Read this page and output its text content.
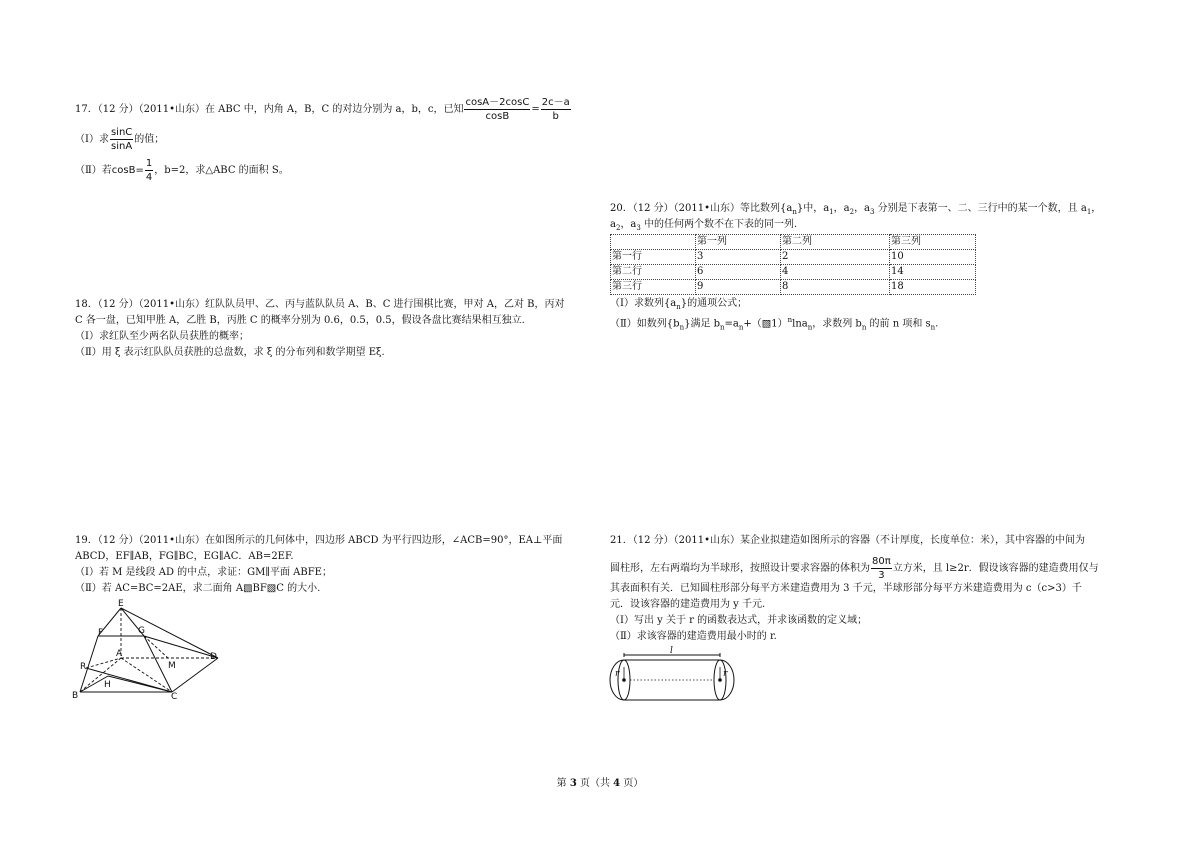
17．（12 分）（2011•山东）在 ABC 中，内角 A，B，C 的对边分别为 a，b，c，已知 $\frac{\cos A-2\cos C}{\cos B} = \frac{2c-a}{b}$
（Ⅰ）求 $\frac{\sin C}{\sin A}$ 的值；
（Ⅱ）若$\cos B= \frac{1}{4}$ ，b=2，求△ABC 的面积 S。
18．（12 分）（2011•山东）红队队员甲、乙、丙与蓝队队员 A、B、C 进行围棋比赛，甲对 A，乙对 B，丙对
C 各一盘，已知甲胜 A，乙胜 B，丙胜 C 的概率分别为 0.6，0.5，0.5，假设各盘比赛结果相互独立.
（Ⅰ）求红队至少两名队员获胜的概率；
（Ⅱ）用 ξ 表示红队队员获胜的总盘数，求 ξ 的分布列和数学期望 Eξ.
19．（12 分）（2011•山东）在如图所示的几何体中，四边形 ABCD 为平行四边形，∠ACB=90°，EA⊥平面
ABCD，EF∥AB，FG∥BC，EG∥AC．AB=2EF.
（Ⅰ）若 M 是线段 AD 的中点，求证：GM∥平面 ABFE；
（Ⅱ）若 AC=BC=2AE，求二面角 A▧BF▧C 的大小.
E
F	G
A
M
D
R
H
B	C
20．（12 分）（2011•山东）等比数列$\{a_n\}$中，$a_1$，$a_2$，$a_3$ 分别是下表第一、二、三行中的某一个数，且 $a_1$，
$a_2$，$a_3$ 中的任何两个数不在下表的同一列.
	第一列	第二列	第三列
第一行	3	2	10
第二行	6	4	14
第三行	9	8	18
（Ⅰ）求数列$\{a_n\}$的通项公式；
（Ⅱ）如数列$\{b_n\}$满足 $b_n=a_n+(▧1)^n\ln a_n$，求数列 $b_n$ 的前 n 项和 $s_n$.
21．（12 分）（2011•山东）某企业拟建造如图所示的容器（不计厚度，长度单位：米），其中容器的中间为
圆柱形，左右两端均为半球形，按照设计要求容器的体积为 $\frac{80\pi}{3}$ 立方米，且 l≥2r．假设该容器的建造费用仅与
其表面积有关．已知圆柱形部分每平方米建造费用为 3 千元，半球形部分每平方米建造费用为 c（c>3）千
元．设该容器的建造费用为 y 千元.
（Ⅰ）写出 y 关于 r 的函数表达式，并求该函数的定义域；
（Ⅱ）求该容器的建造费用最小时的 r.
l
r	r
第 3 页（共 4 页）
